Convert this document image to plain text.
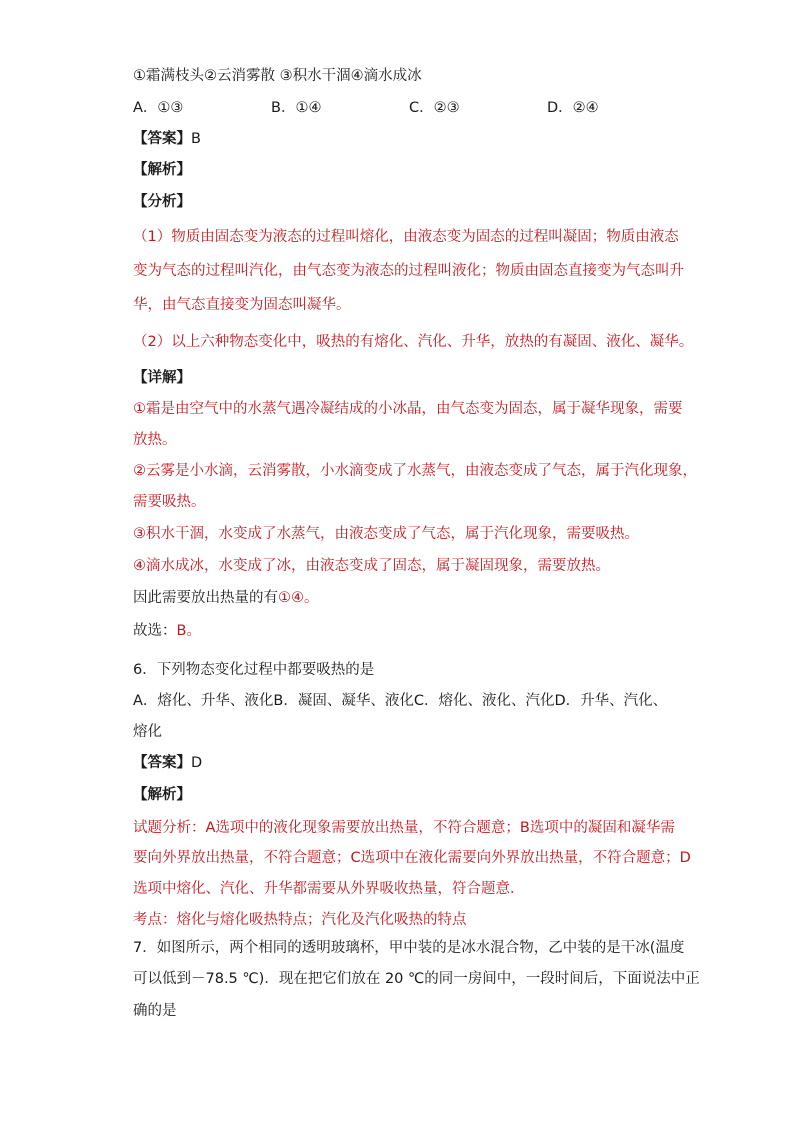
①霜满枝头②云消雾散 ③积水干涸④滴水成冰
A．①③	B．①④	C．②③	D．②④
【答案】B
【解析】
【分析】
（1）物质由固态变为液态的过程叫熔化，由液态变为固态的过程叫凝固；物质由液态
变为气态的过程叫汽化，由气态变为液态的过程叫液化；物质由固态直接变为气态叫升
华，由气态直接变为固态叫凝华。
（2）以上六种物态变化中，吸热的有熔化、汽化、升华，放热的有凝固、液化、凝华。
【详解】
①霜是由空气中的水蒸气遇冷凝结成的小冰晶，由气态变为固态，属于凝华现象，需要
放热。
②云雾是小水滴，云消雾散，小水滴变成了水蒸气，由液态变成了气态，属于汽化现象，
需要吸热。
③积水干涸，水变成了水蒸气，由液态变成了气态，属于汽化现象，需要吸热。
④滴水成冰，水变成了冰，由液态变成了固态，属于凝固现象，需要放热。
因此需要放出热量的有①④。
故选：B。
6．下列物态变化过程中都要吸热的是
A．熔化、升华、液化B．凝固、凝华、液化C．熔化、液化、汽化D．升华、汽化、
熔化
【答案】D
【解析】
试题分析：A选项中的液化现象需要放出热量，不符合题意；B选项中的凝固和凝华需
要向外界放出热量，不符合题意；C选项中在液化需要向外界放出热量，不符合题意；D
选项中熔化、汽化、升华都需要从外界吸收热量，符合题意．
考点：熔化与熔化吸热特点；汽化及汽化吸热的特点
7．如图所示，两个相同的透明玻璃杯，甲中装的是冰水混合物，乙中装的是干冰(温度
可以低到－78.5 ℃)．现在把它们放在 20 ℃的同一房间中，一段时间后，下面说法中正
确的是
